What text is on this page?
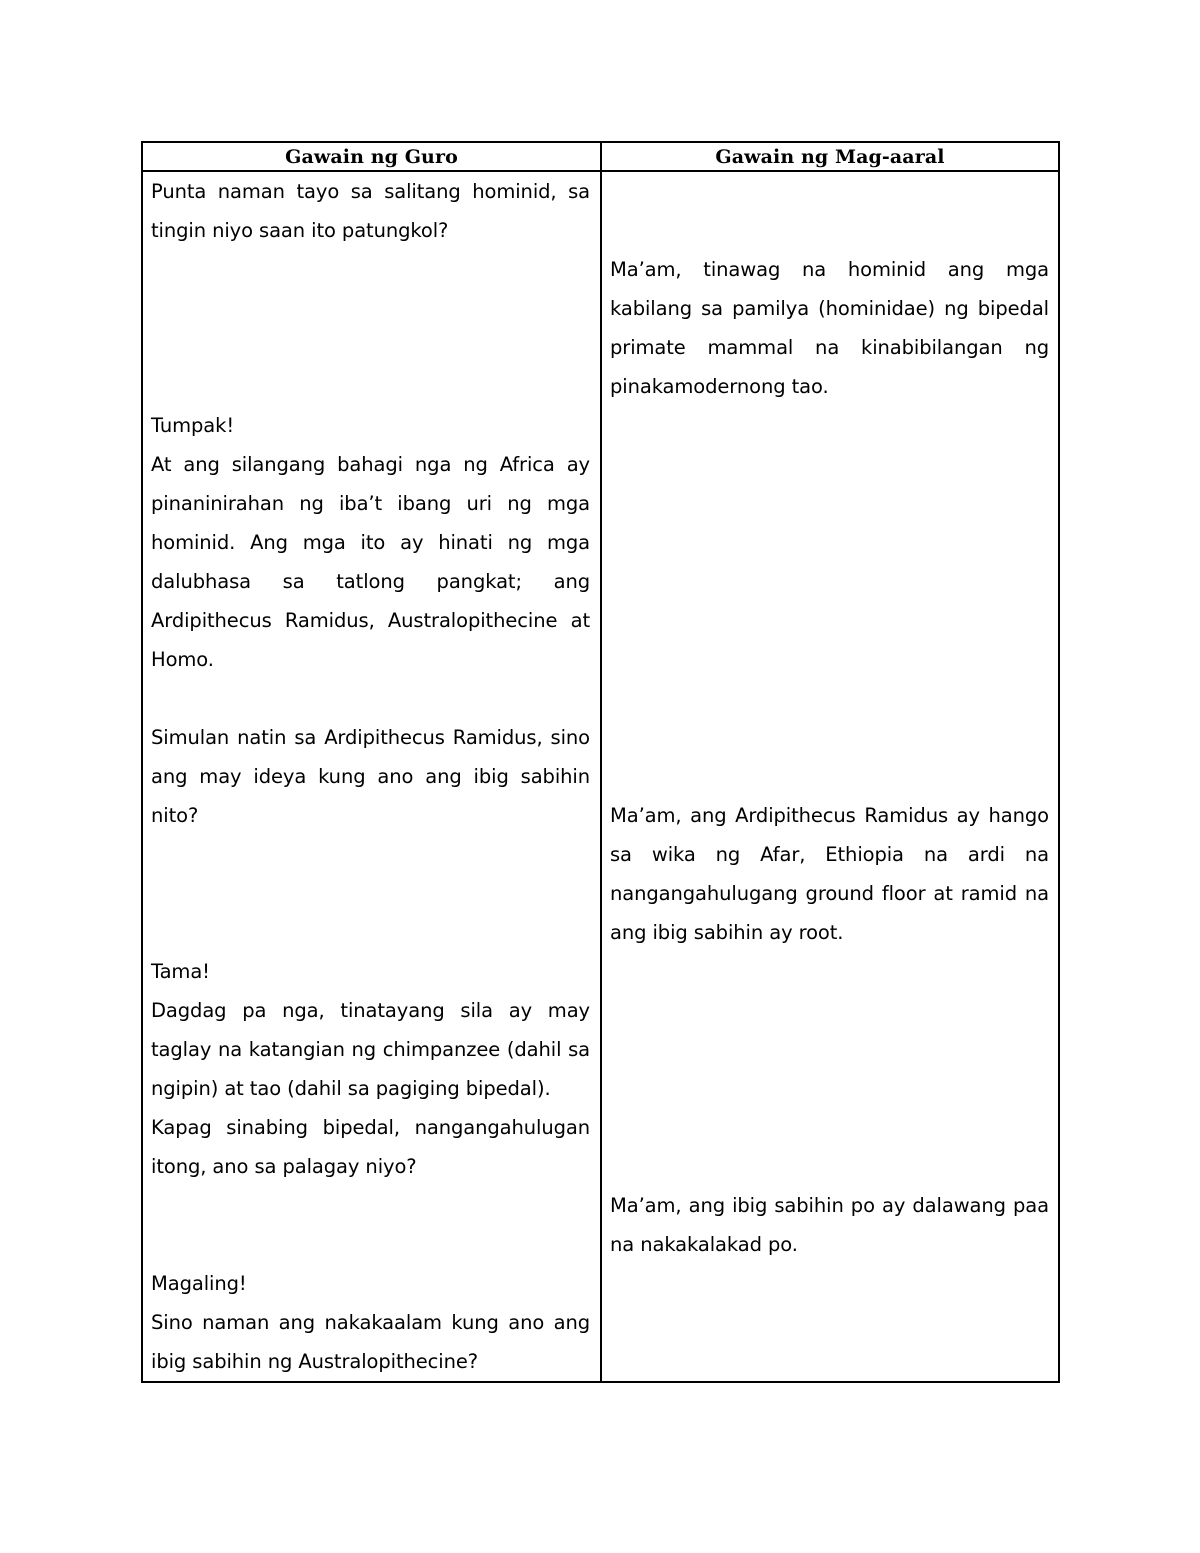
Gawain ng Guro	Gawain ng Mag-aaral
Punta naman tayo sa salitang hominid, sa tingin niyo saan ito patungkol?
Tumpak!
At ang silangang bahagi nga ng Africa ay pinaninirahan ng iba’t ibang uri ng mga hominid. Ang mga ito ay hinati ng mga dalubhasa sa tatlong pangkat; ang Ardipithecus Ramidus, Australopithecine at Homo.
Simulan natin sa Ardipithecus Ramidus, sino ang may ideya kung ano ang ibig sabihin nito?
Tama!
Dagdag pa nga, tinatayang sila ay may taglay na katangian ng chimpanzee (dahil sa ngipin) at tao (dahil sa pagiging bipedal).
Kapag sinabing bipedal, nangangahulugan itong, ano sa palagay niyo?
Magaling!
Sino naman ang nakakaalam kung ano ang ibig sabihin ng Australopithecine?
Ma’am, tinawag na hominid ang mga kabilang sa pamilya (hominidae) ng bipedal primate mammal na kinabibilangan ng pinakamodernong tao.
Ma’am, ang Ardipithecus Ramidus ay hango sa wika ng Afar, Ethiopia na ardi na nangangahulugang ground floor at ramid na ang ibig sabihin ay root.
Ma’am, ang ibig sabihin po ay dalawang paa na nakakalakad po.
